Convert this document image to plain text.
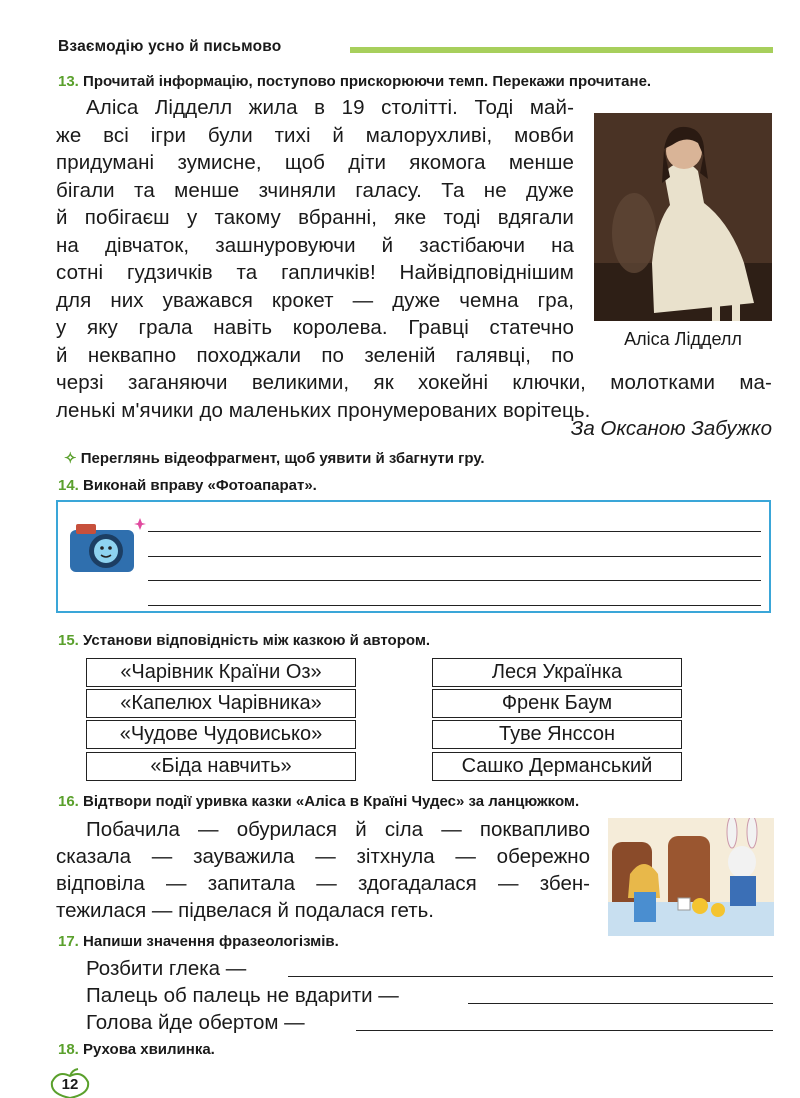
Взаємодію усно й письмово
13. Прочитай інформацію, поступово прискорюючи темп. Перекажи прочитане.
Аліса Лідделл жила в 19 столітті. Тоді май-
же всі ігри були тихі й малорухливі, мовби
придумані зумисне, щоб діти якомога менше
бігали та менше зчиняли галасу. Та не дуже
й побігаєш у такому вбранні, яке тоді вдягали
на дівчаток, зашнуровуючи й застібаючи на
сотні гудзичків та гапличків! Найвідповіднішим
для них уважався крокет — дуже чемна гра,
у яку грала навіть королева. Гравці статечно
й неквапно походжали по зеленій галявці, по
черзі заганяючи великими, як хокейні ключки, молотками ма-
ленькі м'ячики до маленьких пронумерованих ворітець.
Аліса Лідделл
За Оксаною Забужко
✧ Переглянь відеофрагмент, щоб уявити й збагнути гру.
14. Виконай вправу «Фотоапарат».
15. Установи відповідність між казкою й автором.
«Чарівник Країни Оз»
«Капелюх Чарівника»
«Чудове Чудовисько»
«Біда навчить»
Леся Українка
Френк Баум
Туве Янссон
Сашко Дерманський
16. Відтвори події уривка казки «Аліса в Країні Чудес» за ланцюжком.
Побачила — обурилася й сіла — поквапливо
сказала — зауважила — зітхнула — обережно
відповіла — запитала — здогадалася — збен-
тежилася — підвелася й подалася геть.
17. Напиши значення фразеологізмів.
Розбити глека —
Палець об палець не вдарити —
Голова йде обертом —
18. Рухова хвилинка.
12
